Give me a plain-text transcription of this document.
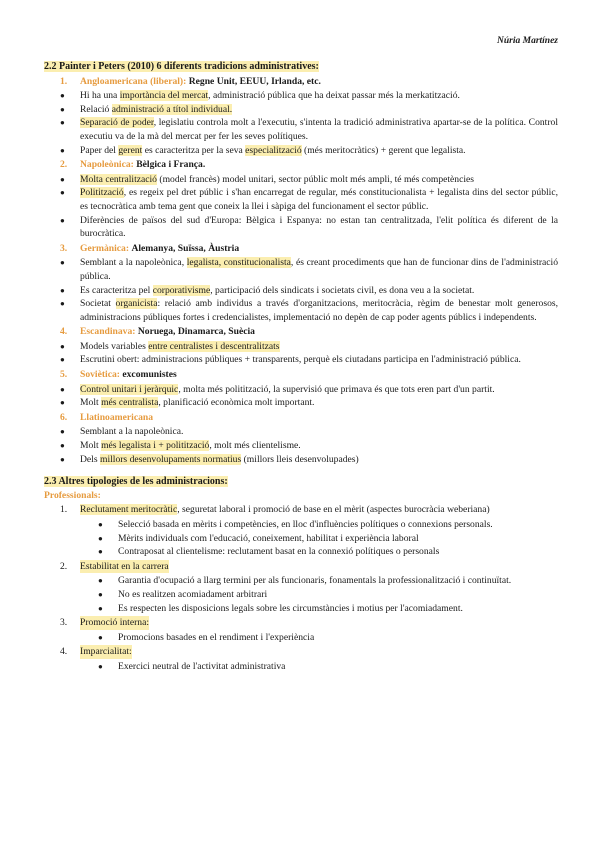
Núria Martínez

2.2 Painter i Peters (2010) 6 diferents tradicions administratives:

1.	Angloamericana (liberal): Regne Unit, EEUU, Irlanda, etc.
●	Hi ha una importància del mercat, administració pública que ha deixat passar més la merkatització.
●	Relació administració a títol individual.
●	Separació de poder, legislatiu controla molt a l'executiu, s'intenta la tradició administrativa apartar-se de la política. Control executiu va de la mà del mercat per fer les seves polítiques.
●	Paper del gerent es caracteritza per la seva especialització (més meritocràtics) + gerent que legalista.
2.	Napoleònica: Bèlgica i França.
●	Molta centralització (model francès) model unitari, sector públic molt més ampli, té més competències
●	Politització, es regeix pel dret públic i s'han encarregat de regular, més constitucionalista + legalista dins del sector públic, es tecnocràtica amb tema gent que coneix la llei i sàpiga del funcionament el sector públic.
●	Diferències de països del sud d'Europa: Bèlgica i Espanya: no estan tan centralitzada, l'elit política és diferent de la burocràtica.
3.	Germànica: Alemanya, Suïssa, Àustria
●	Semblant a la napoleònica, legalista, constitucionalista, és creant procediments que han de funcionar dins de l'administració pública.
●	Es caracteritza pel corporativisme, participació dels sindicats i societats civil, es dona veu a la societat.
●	Societat organicista: relació amb individus a través d'organitzacions, meritocràcia, règim de benestar molt generosos, administracions públiques fortes i credencialistes, implementació no depèn de cap poder agents públics i independents.
4.	Escandinava: Noruega, Dinamarca, Suècia
●	Models variables entre centralistes i descentralitzats
●	Escrutini obert: administracions públiques + transparents, perquè els ciutadans participa en l'administració pública.
5.	Soviètica: excomunistes
●	Control unitari i jeràrquic, molta més politització, la supervisió que primava és que tots eren part d'un partit.
●	Molt més centralista, planificació econòmica molt important.
6.	Llatinoamericana
●	Semblant a la napoleònica.
●	Molt més legalista i + politització, molt més clientelisme.
●	Dels millors desenvolupaments normatius (millors lleis desenvolupades)

2.3 Altres tipologies de les administracions:

Professionals:
1.	Reclutament meritocràtic, seguretat laboral i promoció de base en el mèrit (aspectes burocràcia weberiana)
●	Selecció basada en mèrits i competències, en lloc d'influències polítiques o connexions personals.
●	Mèrits individuals com l'educació, coneixement, habilitat i experiència laboral
●	Contraposat al clientelisme: reclutament basat en la connexió polítiques o personals
2.	Estabilitat en la carrera
●	Garantia d'ocupació a llarg termini per als funcionaris, fonamentals la professionalització i continuïtat.
●	No es realitzen acomiadament arbitrari
●	Es respecten les disposicions legals sobre les circumstàncies i motius per l'acomiadament.
3.	Promoció interna:
●	Promocions basades en el rendiment i l'experiència
4.	Imparcialitat:
●	Exercici neutral de l'activitat administrativa
